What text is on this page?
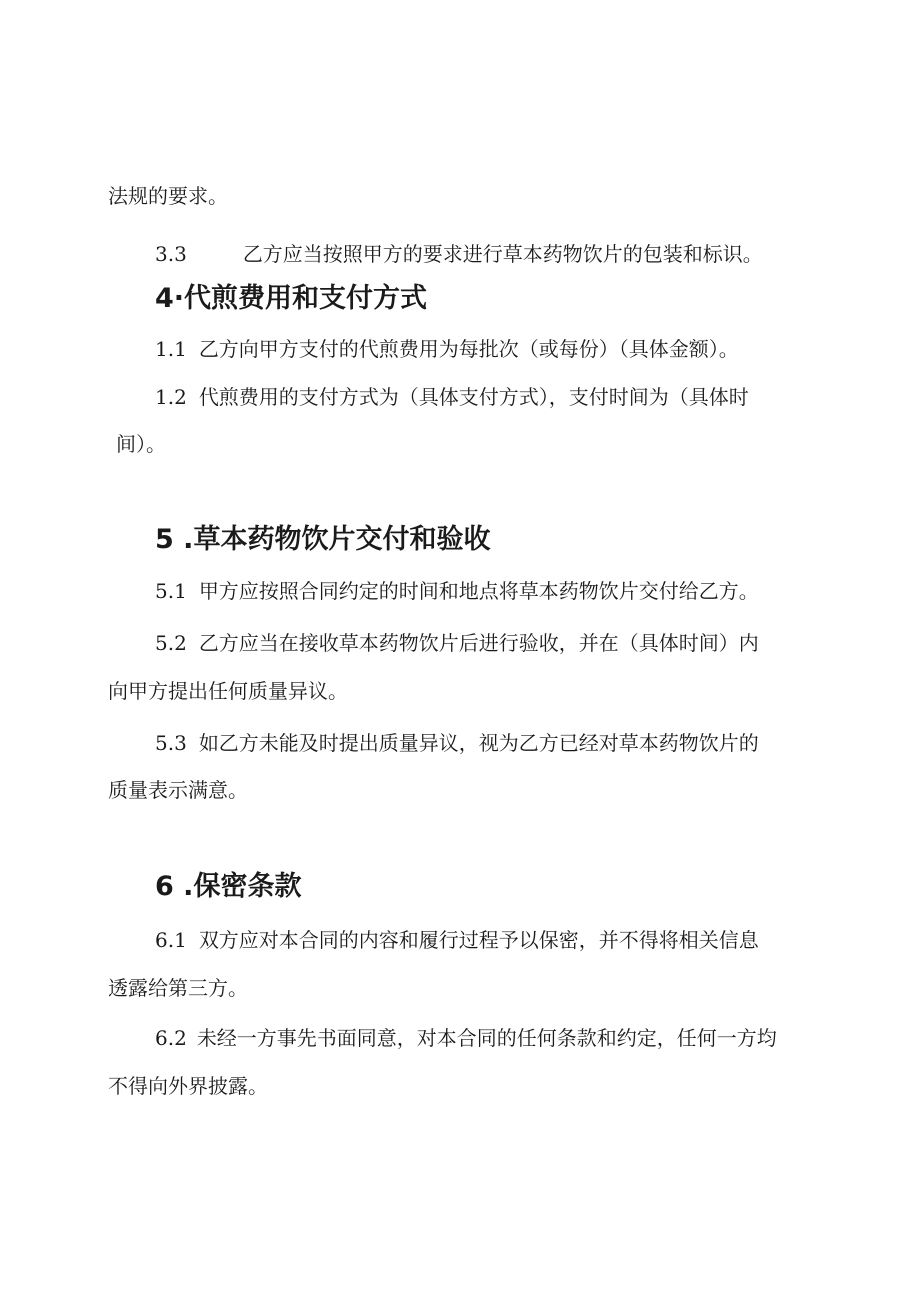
法规的要求。
3.3	乙方应当按照甲方的要求进行草本药物饮片的包装和标识。
4·代煎费用和支付方式
1.1 乙方向甲方支付的代煎费用为每批次（或每份）（具体金额）。
1.2 代煎费用的支付方式为（具体支付方式），支付时间为（具体时
间）。
5 .草本药物饮片交付和验收
5.1 甲方应按照合同约定的时间和地点将草本药物饮片交付给乙方。
5.2 乙方应当在接收草本药物饮片后进行验收，并在（具体时间）内
向甲方提出任何质量异议。
5.3 如乙方未能及时提出质量异议，视为乙方已经对草本药物饮片的
质量表示满意。
6 .保密条款
6.1 双方应对本合同的内容和履行过程予以保密，并不得将相关信息
透露给第三方。
6.2 未经一方事先书面同意，对本合同的任何条款和约定，任何一方均
不得向外界披露。
